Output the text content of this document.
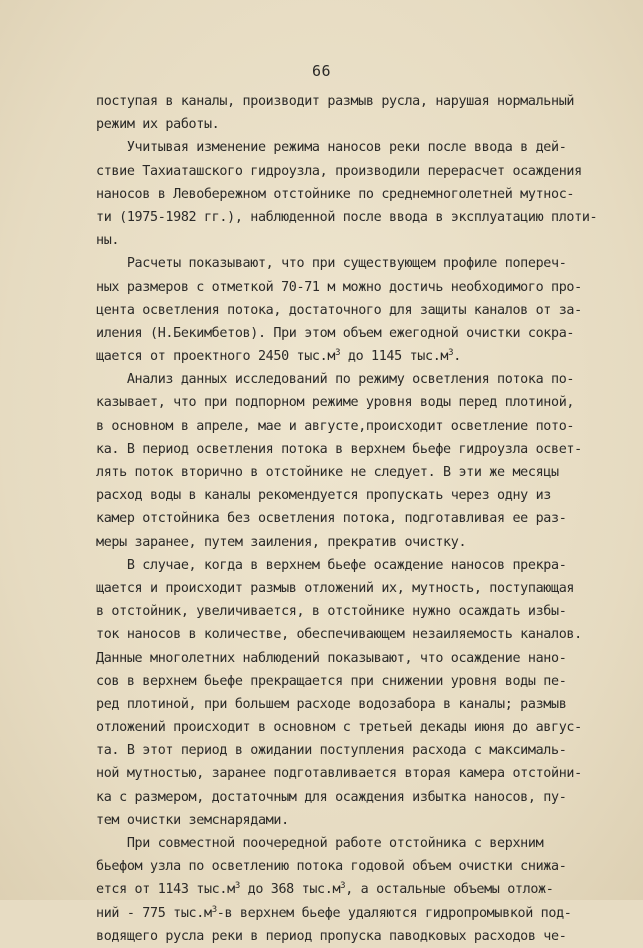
66
поступая в каналы, производит размыв русла, нарушая нормальный
режим их работы.
Учитывая изменение режима наносов реки после ввода в дей-
ствие Тахиаташского гидроузла, производили перерасчет осаждения
наносов в Левобережном отстойнике по среднемноголетней мутнос-
ти (1975-1982 гг.), наблюденной после ввода в эксплуатацию плоти-
ны.
Расчеты показывают, что при существующем профиле попереч-
ных размеров с отметкой 70-71 м можно достичь необходимого про-
цента осветления потока, достаточного для защиты каналов от за-
иления (Н.Бекимбетов). При этом объем ежегодной очистки сокра-
щается от проектного 2450 $тыс.м^3$ до 1145 $тыс.м^3$.
Анализ данных исследований по режиму осветления потока по-
казывает, что при подпорном режиме уровня воды перед плотиной,
в основном в апреле, мае и августе,происходит осветление пото-
ка. В период осветления потока в верхнем бьефе гидроузла освет-
лять поток вторично в отстойнике не следует. В эти же месяцы
расход воды в каналы рекомендуется пропускать через одну из
камер отстойника без осветления потока, подготавливая ее раз-
меры заранее, путем заиления, прекратив очистку.
В случае, когда в верхнем бьефе осаждение наносов прекра-
щается и происходит размыв отложений их, мутность, поступающая
в отстойник, увеличивается, в отстойнике нужно осаждать избы-
ток наносов в количестве, обеспечивающем незаиляемость каналов.
Данные многолетних наблюдений показывают, что осаждение нано-
сов в верхнем бьефе прекращается при снижении уровня воды пе-
ред плотиной, при большем расходе водозабора в каналы; размыв
отложений происходит в основном с третьей декады июня до авгус-
та. В этот период в ожидании поступления расхода с максималь-
ной мутностью, заранее подготавливается вторая камера отстойни-
ка с размером, достаточным для осаждения избытка наносов, пу-
тем очистки земснарядами.
При совместной поочередной работе отстойника с верхним
бьефом узла по осветлению потока годовой объем очистки снижа-
ется от 1143 $тыс.м^3$ до 368 $тыс.м^3$, а остальные объемы отлож-
ний - 775 $тыс.м^3-в$ верхнем бьефе удаляются гидропромывкой под-
водящего русла реки в период пропуска паводковых расходов че-
